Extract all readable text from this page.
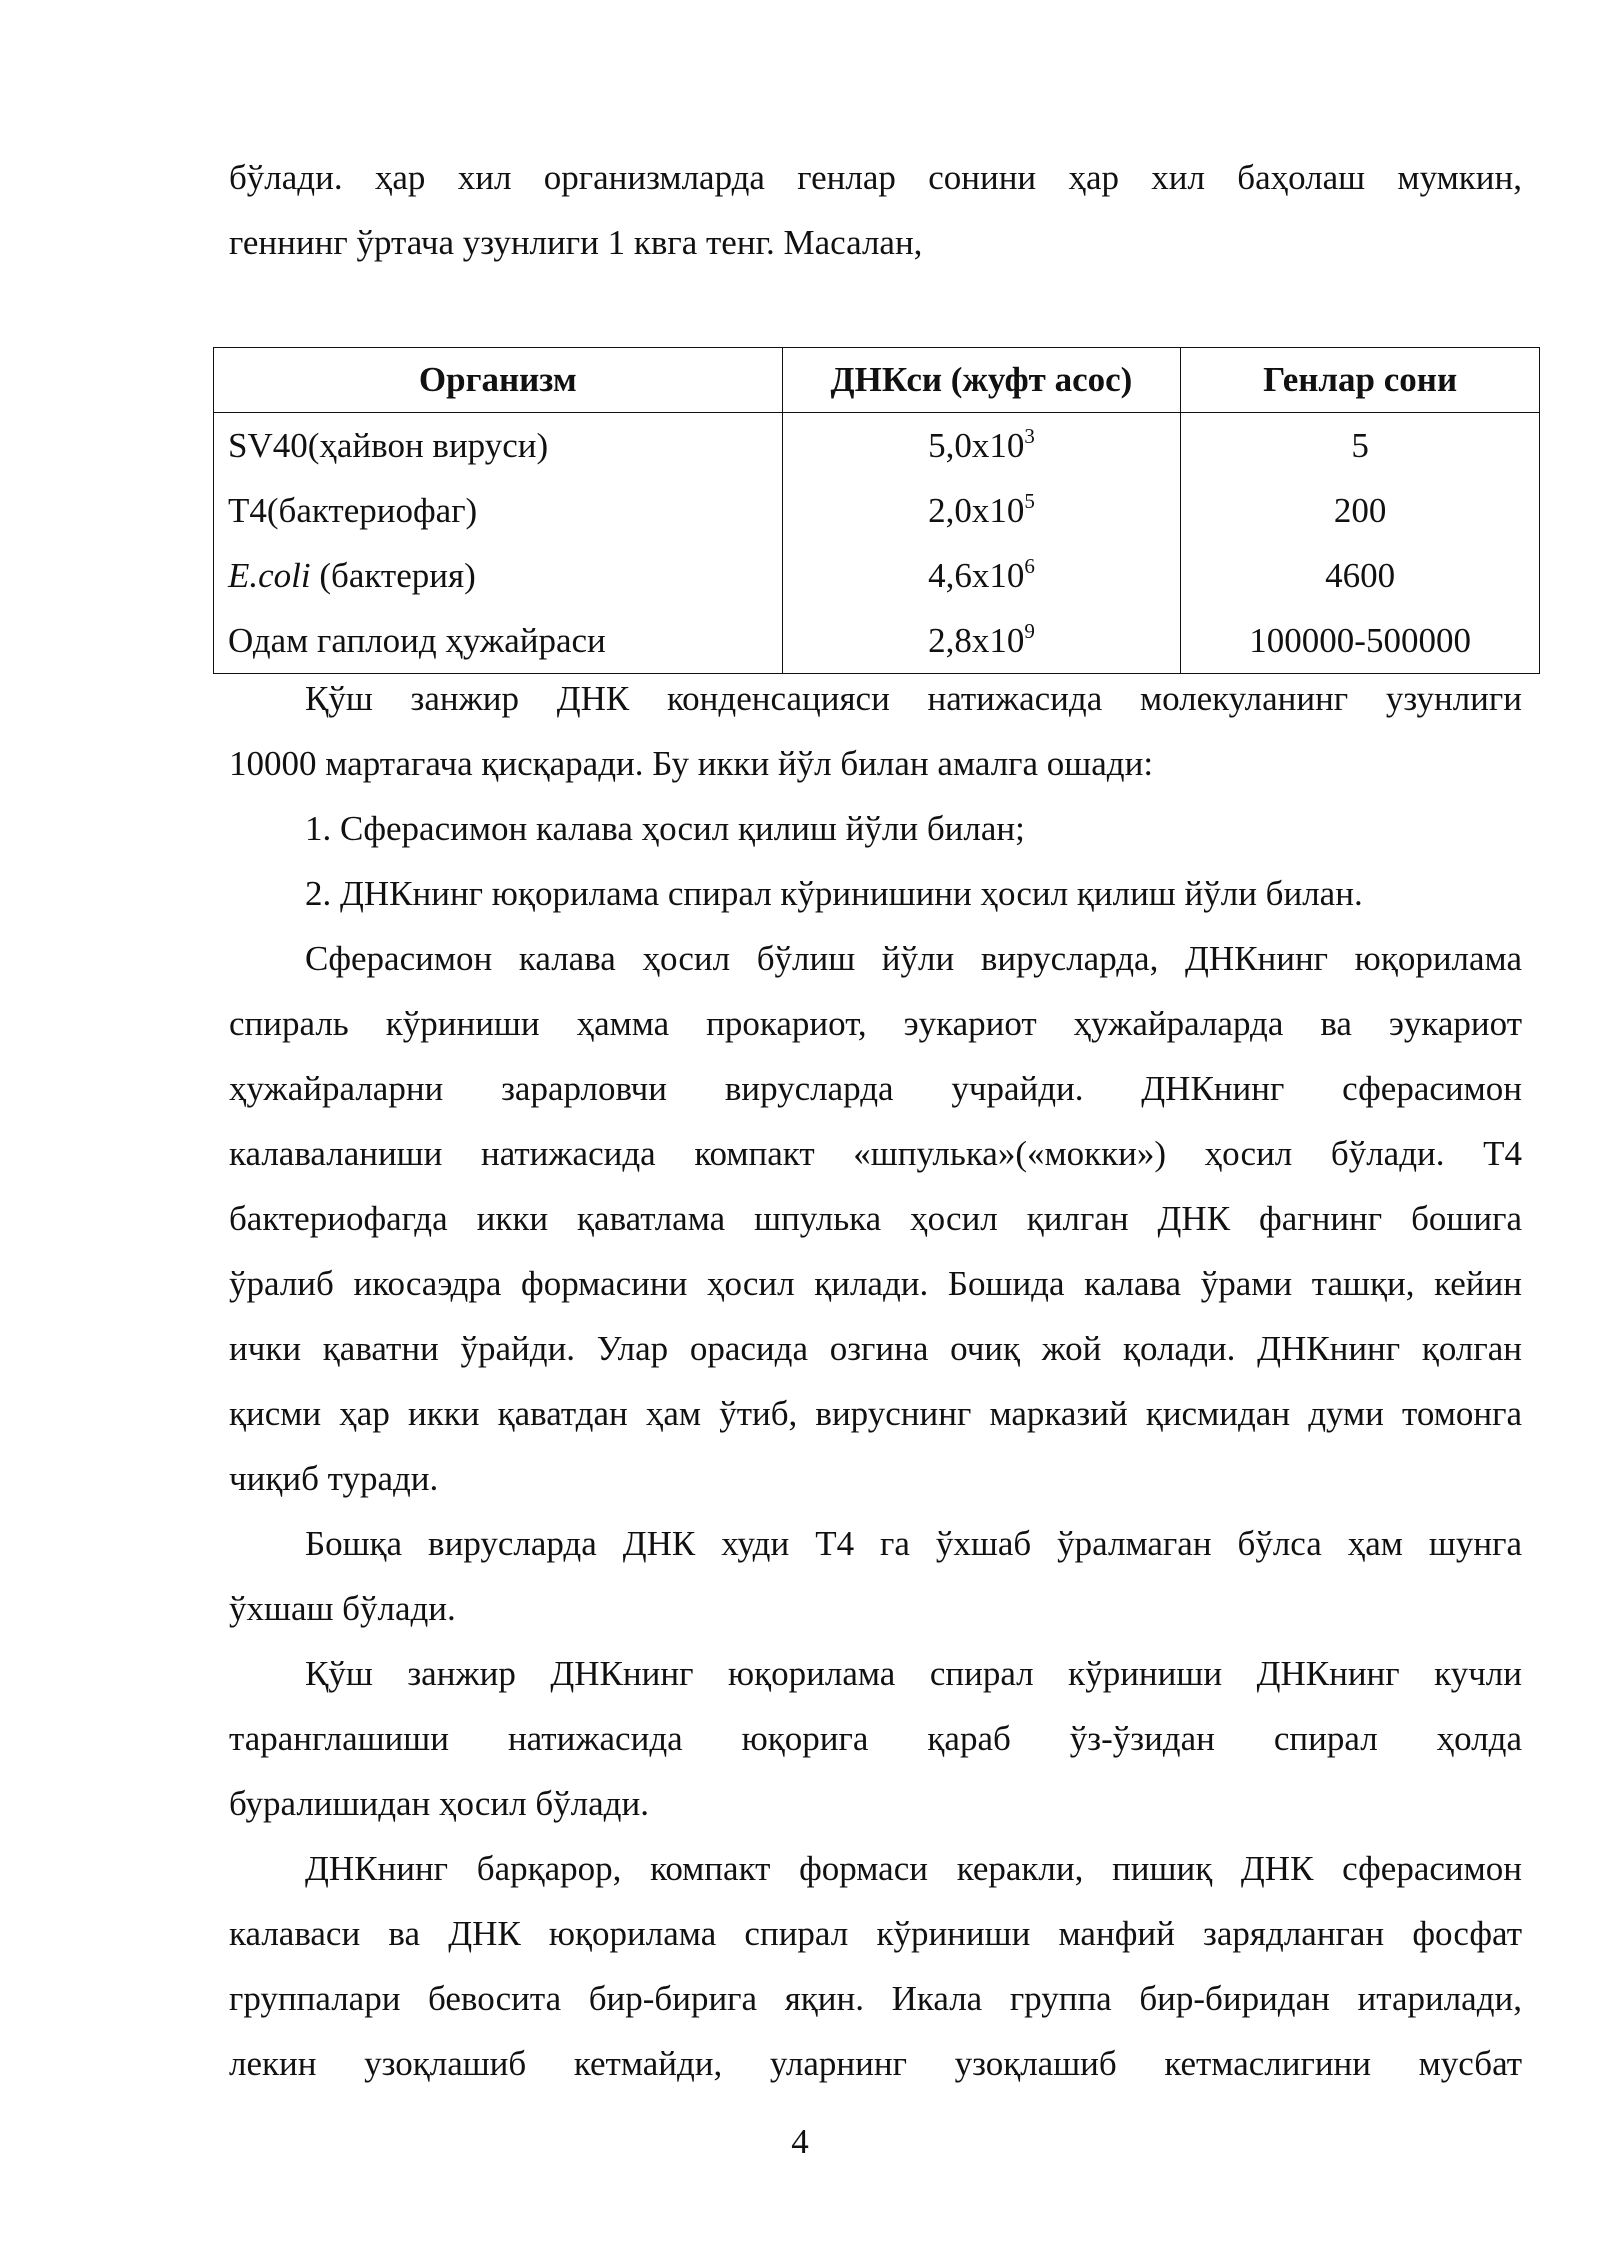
бўлади. ҳар хил организмларда генлар сонини ҳар хил баҳолаш мумкин,
геннинг ўртача узунлиги 1 квга тенг. Масалан,
Организм	ДНКси (жуфт асос)	Генлар сони
SV40(ҳайвон вируси)	$5,0x10^3$	5
T4(бактериофаг)	$2,0x10^5$	200
E.coli (бактерия)	$4,6x10^6$	4600
Одам гаплоид ҳужайраси	$2,8x10^9$	100000-500000
Қўш занжир ДНК конденсацияси натижасида молекуланинг узунлиги
10000 мартагача қисқаради. Бу икки йўл билан амалга ошади:
1. Сферасимон калава ҳосил қилиш йўли билан;
2. ДНКнинг юқорилама спирал кўринишини ҳосил қилиш йўли билан.
Сферасимон калава ҳосил бўлиш йўли вирусларда, ДНКнинг юқорилама
спираль кўриниши ҳамма прокариот, эукариот ҳужайраларда ва эукариот
ҳужайраларни зарарловчи вирусларда учрайди. ДНКнинг сферасимон
калаваланиши натижасида компакт «шпулька»(«мокки») ҳосил бўлади. Т4
бактериофагда икки қаватлама шпулька ҳосил қилган ДНК фагнинг бошига
ўралиб икосаэдра формасини ҳосил қилади. Бошида калава ўрами ташқи, кейин
ички қаватни ўрайди. Улар орасида озгина очиқ жой қолади. ДНКнинг қолган
қисми ҳар икки қаватдан ҳам ўтиб, вируснинг марказий қисмидан думи томонга
чиқиб туради.
Бошқа вирусларда ДНК худи Т4 га ўхшаб ўралмаган бўлса ҳам шунга
ўхшаш бўлади.
Қўш занжир ДНКнинг юқорилама спирал кўриниши ДНКнинг кучли
таранглашиши натижасида юқорига қараб ўз-ўзидан спирал ҳолда
буралишидан ҳосил бўлади.
ДНКнинг барқарор, компакт формаси керакли, пишиқ ДНК сферасимон
калаваси ва ДНК юқорилама спирал кўриниши манфий зарядланган фосфат
группалари бевосита бир-бирига яқин. Икала группа бир-биридан итарилади,
лекин узоқлашиб кетмайди, уларнинг узоқлашиб кетмаслигини мусбат
4
